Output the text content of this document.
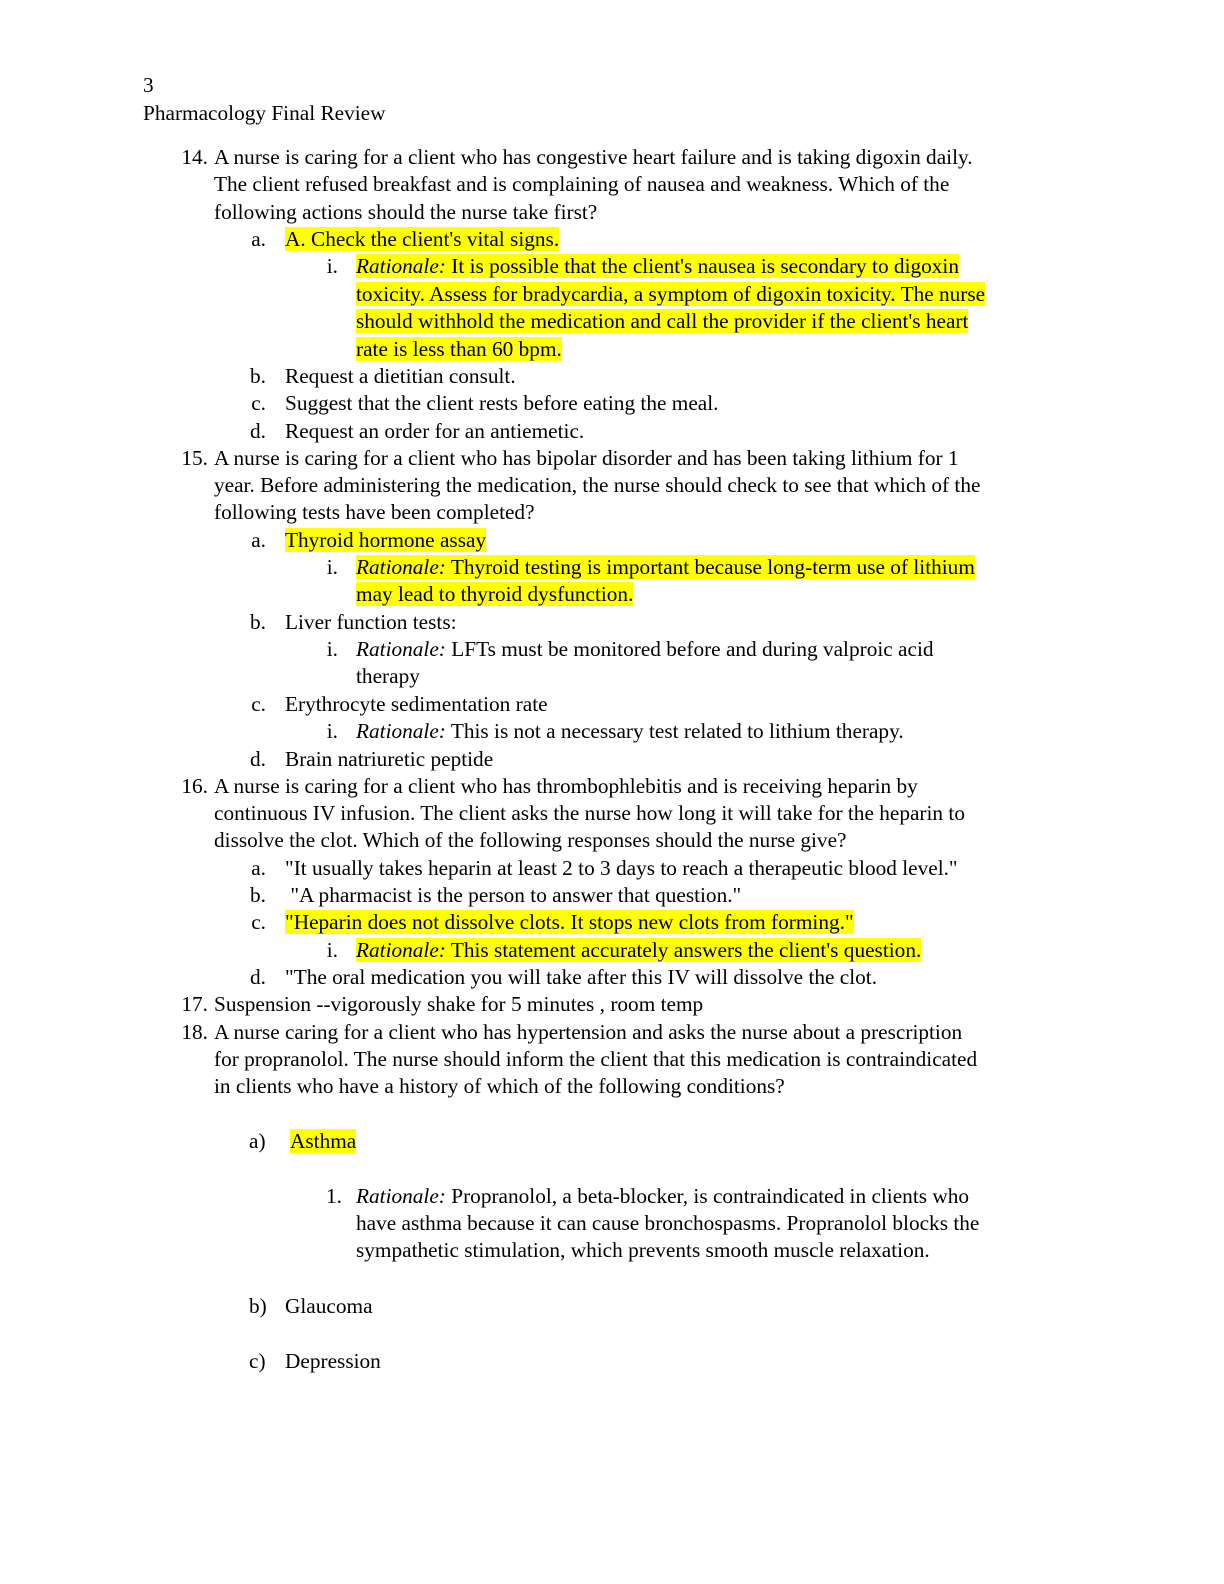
3
Pharmacology Final Review
14. A nurse is caring for a client who has congestive heart failure and is taking digoxin daily.
The client refused breakfast and is complaining of nausea and weakness. Which of the
following actions should the nurse take first?
a. A. Check the client's vital signs.
i. Rationale: It is possible that the client's nausea is secondary to digoxin
toxicity. Assess for bradycardia, a symptom of digoxin toxicity. The nurse
should withhold the medication and call the provider if the client's heart
rate is less than 60 bpm.
b. Request a dietitian consult.
c. Suggest that the client rests before eating the meal.
d. Request an order for an antiemetic.
15. A nurse is caring for a client who has bipolar disorder and has been taking lithium for 1
year. Before administering the medication, the nurse should check to see that which of the
following tests have been completed?
a. Thyroid hormone assay
i. Rationale: Thyroid testing is important because long-term use of lithium
may lead to thyroid dysfunction.
b. Liver function tests:
i. Rationale: LFTs must be monitored before and during valproic acid
therapy
c. Erythrocyte sedimentation rate
i. Rationale: This is not a necessary test related to lithium therapy.
d. Brain natriuretic peptide
16. A nurse is caring for a client who has thrombophlebitis and is receiving heparin by
continuous IV infusion. The client asks the nurse how long it will take for the heparin to
dissolve the clot. Which of the following responses should the nurse give?
a. "It usually takes heparin at least 2 to 3 days to reach a therapeutic blood level."
b. "A pharmacist is the person to answer that question."
c. "Heparin does not dissolve clots. It stops new clots from forming."
i. Rationale: This statement accurately answers the client's question.
d. "The oral medication you will take after this IV will dissolve the clot.
17. Suspension --vigorously shake for 5 minutes , room temp
18. A nurse caring for a client who has hypertension and asks the nurse about a prescription
for propranolol. The nurse should inform the client that this medication is contraindicated
in clients who have a history of which of the following conditions?
a) Asthma
1. Rationale: Propranolol, a beta-blocker, is contraindicated in clients who
have asthma because it can cause bronchospasms. Propranolol blocks the
sympathetic stimulation, which prevents smooth muscle relaxation.
b) Glaucoma
c) Depression
